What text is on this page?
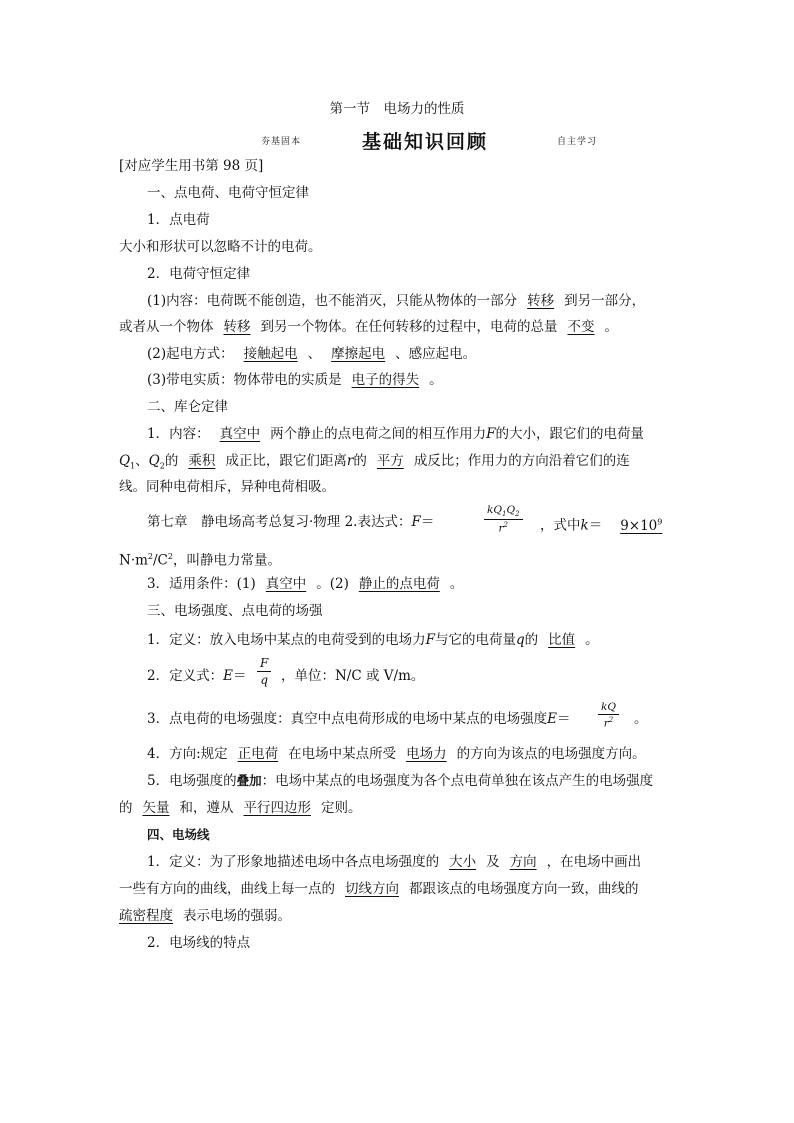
第一节　电场力的性质
夯基固本	基础知识回顾	自主学习
[对应学生用书第 98 页]
一、点电荷、电荷守恒定律
1．点电荷
大小和形状可以忽略不计的电荷。
2．电荷守恒定律
(1)内容：电荷既不能创造，也不能消灭，只能从物体的一部分 转移 到另一部分，
或者从一个物体 转移 到另一个物体。在任何转移的过程中，电荷的总量 不变 。
(2)起电方式： 接触起电 、 摩擦起电 、感应起电。
(3)带电实质：物体带电的实质是 电子的得失 。
二、库仑定律
1．内容： 真空中 两个静止的点电荷之间的相互作用力F的大小，跟它们的电荷量
$Q_1$、$Q_2$的 乘积 成正比，跟它们距离r的 平方 成反比；作用力的方向沿着它们的连
线。同种电荷相斥，异种电荷相吸。
第七章　静电场高考总复习·物理 2.表达式：F＝	$\frac{kQ_1Q_2}{r^2}$ ，式中$k= 9\times 10^9$
$N\cdot m^2/C^2$，叫静电力常量。
3．适用条件：(1) 真空中 。(2) 静止的点电荷 。
三、电场强度、点电荷的场强
1．定义：放入电场中某点的电荷受到的电场力F与它的电荷量q的 比值 。
2．定义式：$E= \frac{F}{q}$ ，单位：N/C 或 V/m。
3．点电荷的电场强度：真空中点电荷形成的电场中某点的电场强度E＝	$\frac{kQ}{r^2}$ 。
4．方向:规定 正电荷 在电场中某点所受 电场力 的方向为该点的电场强度方向。
5．电场强度的叠加：电场中某点的电场强度为各个点电荷单独在该点产生的电场强度
的 矢量 和，遵从 平行四边形 定则。
四、电场线
1．定义：为了形象地描述电场中各点电场强度的 大小 及 方向 ，在电场中画出
一些有方向的曲线，曲线上每一点的 切线方向 都跟该点的电场强度方向一致，曲线的
疏密程度 表示电场的强弱。
2．电场线的特点
